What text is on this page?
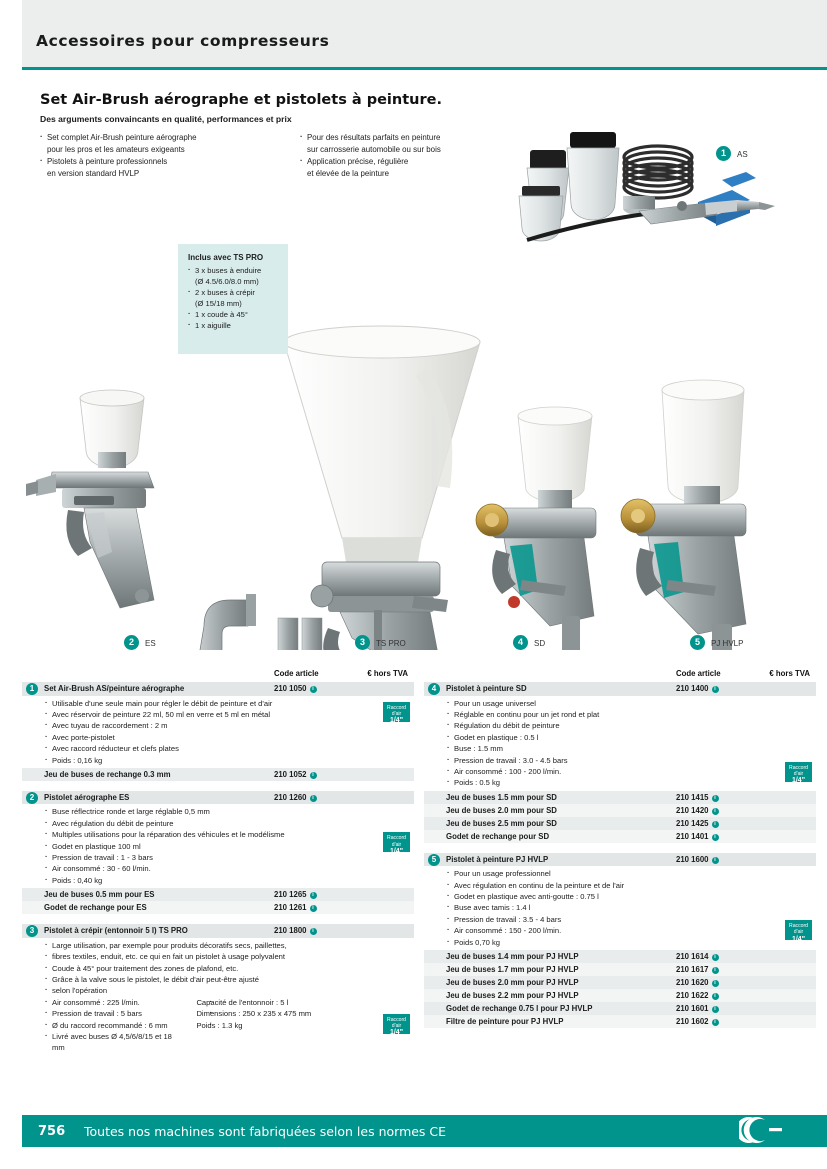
Accessoires pour compresseurs
Set Air-Brush aérographe et pistolets à peinture.
Des arguments convaincants en qualité, performances et prix
· Set complet Air-Brush peinture aérographe
pour les pros et les amateurs exigeants
· Pistolets à peinture professionnels
en version standard HVLP
· Pour des résultats parfaits en peinture
sur carrosserie automobile ou sur bois
· Application précise, régulière
et élevée de la peinture
1	AS
2	ES	3	TS PRO	4	SD	5	PJ HVLP
Inclus avec TS PRO
· 3 x buses à enduire
(Ø 4.5/6.0/8.0 mm)
· 2 x buses à crépir
(Ø 15/18 mm)
· 1 x coude à 45°
· 1 x aiguille
Code article	€ hors TVA
1	Set Air-Brush AS/peinture aérographe	210 1050 i
· Utilisable d'une seule main pour régler le débit de peinture et d'air
· Avec réservoir de peinture 22 ml, 50 ml en verre et 5 ml en métal
· Avec tuyau de raccordement : 2 m
· Avec porte-pistolet
· Avec raccord réducteur et clefs plates
· Poids : 0,16 kg
Raccord d'air
1/4"
Jeu de buses de rechange 0.3 mm	210 1052 i
2	Pistolet aérographe ES	210 1260 i
· Buse réflectrice ronde et large réglable 0,5 mm
· Avec régulation du débit de peinture
· Multiples utilisations pour la réparation des véhicules et le modélisme
· Godet en plastique 100 ml
· Pression de travail : 1 - 3 bars
· Air consommé : 30 - 60 l/min.
· Poids : 0,40 kg
Raccord d'air
1/4"
Jeu de buses 0.5 mm pour ES	210 1265 i
Godet de rechange pour ES	210 1261 i
3	Pistolet à crépir (entonnoir 5 l) TS PRO	210 1800 i
· Large utilisation, par exemple pour produits décoratifs secs, paillettes,
· fibres textiles, enduit, etc. ce qui en fait un pistolet à usage polyvalent
· Coude à 45° pour traitement des zones de plafond, etc.
· Grâce à la valve sous le pistolet, le débit d'air peut-être ajusté
· selon l'opération
· Air consommé : 225 l/min.
· Pression de travail : 5 bars
· Ø du raccord recommandé : 6 mm
· Livré avec buses Ø 4,5/6/8/15 et 18 mm

· Capacité de l'entonnoir : 5 l
· Dimensions : 250 x 235 x 475 mm
· Poids : 1.3 kg
Raccord d'air
1/4"
Code article	€ hors TVA
4	Pistolet à peinture SD	210 1400 i
· Pour un usage universel
· Réglable en continu pour un jet rond et plat
· Régulation du débit de peinture
· Godet en plastique : 0.5 l
· Buse : 1.5 mm
· Pression de travail : 3.0 - 4.5 bars
· Air consommé : 100 - 200 l/min.
· Poids : 0.5 kg
Raccord d'air
1/4"
Jeu de buses 1.5 mm pour SD	210 1415 i
Jeu de buses 2.0 mm pour SD	210 1420 i
Jeu de buses 2.5 mm pour SD	210 1425 i
Godet de rechange pour SD	210 1401 i
5	Pistolet à peinture PJ HVLP	210 1600 i
· Pour un usage professionnel
· Avec régulation en continu de la peinture et de l'air
· Godet en plastique avec anti-goutte : 0.75 l
· Buse avec tamis : 1.4 l
· Pression de travail : 3.5 - 4 bars
· Air consommé : 150 - 200 l/min.
· Poids 0,70 kg
Raccord d'air
1/4"
Jeu de buses 1.4 mm pour PJ HVLP	210 1614 i
Jeu de buses 1.7 mm pour PJ HVLP	210 1617 i
Jeu de buses 2.0 mm pour PJ HVLP	210 1620 i
Jeu de buses 2.2 mm pour PJ HVLP	210 1622 i
Godet de rechange 0.75 l pour PJ HVLP	210 1601 i
Filtre de peinture pour PJ HVLP	210 1602 i
756 Toutes nos machines sont fabriquées selon les normes CE
